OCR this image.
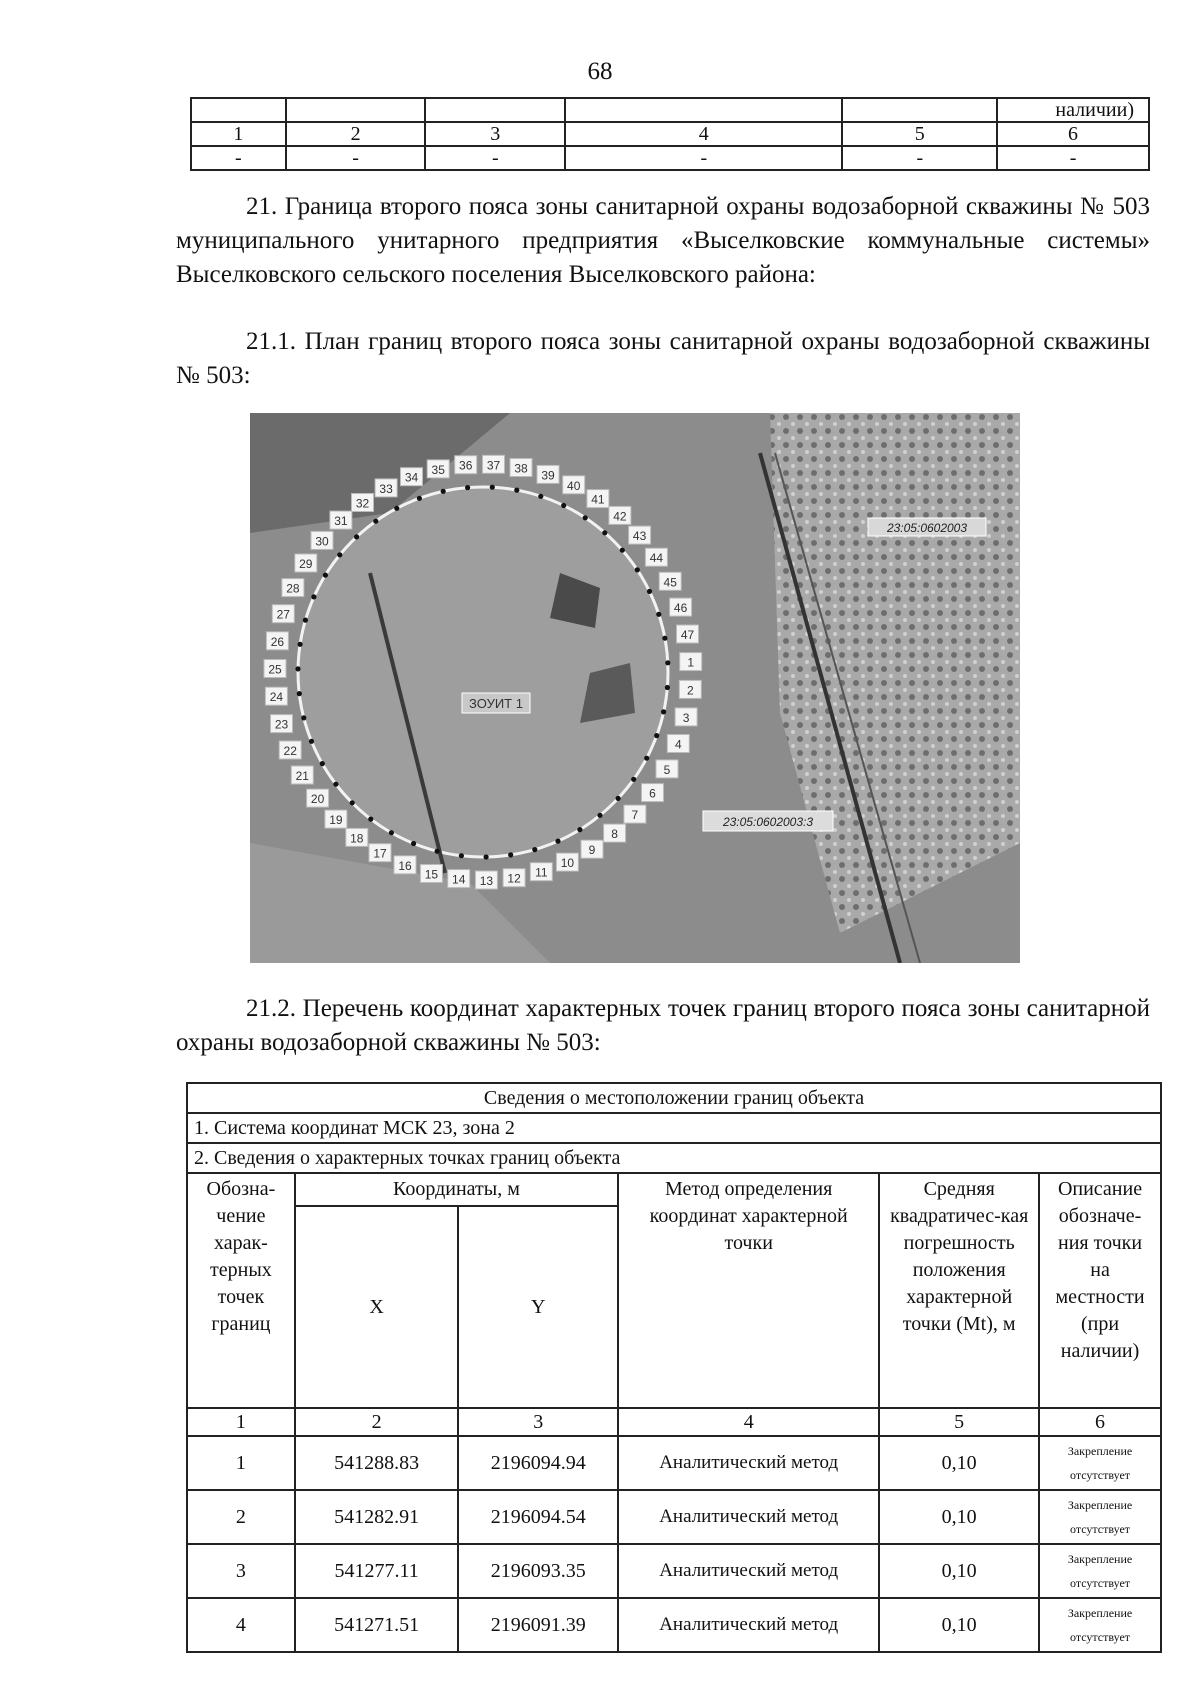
68
					наличии)
1	2	3	4	5	6
-	-	-	-	-	-

21. Граница второго пояса зоны санитарной охраны водозаборной скважины № 503 муниципального унитарного предприятия «Выселковские коммунальные системы» Выселковского сельского поселения Выселковского района:

21.1. План границ второго пояса зоны санитарной охраны водозаборной скважины № 503:

1
2
3
4
5
6
7
8
9
10
11
12
13
14
15
16
17
18
19
20
21
22
23
24
25
26
27
28
29
30
31
32
33
34
35 36 37 38 39
40
41
42
43
44
45
46
47
ЗОУИТ 1
23:05:0602003
23:05:0602003:3

21.2. Перечень координат характерных точек границ второго пояса зоны санитарной охраны водозаборной скважины № 503:

Сведения о местоположении границ объекта					
1. Система координат МСК 23, зона 2					
2. Сведения о характерных точках границ объекта					
Обозна-чение харак-терных точек границ	Координаты, м		Метод определения координат характерной точки	Средняя квадратичес-кая погрешность положения характерной точки (Mt), м	Описание обозначе-ния точки на местности (при наличии)
	X	Y			
1	2	3	4	5	6
1	541288.83	2196094.94	Аналитический метод	0,10	Закрепление отсутствует
2	541282.91	2196094.54	Аналитический метод	0,10	Закрепление отсутствует
3	541277.11	2196093.35	Аналитический метод	0,10	Закрепление отсутствует
4	541271.51	2196091.39	Аналитический метод	0,10	Закрепление отсутствует
